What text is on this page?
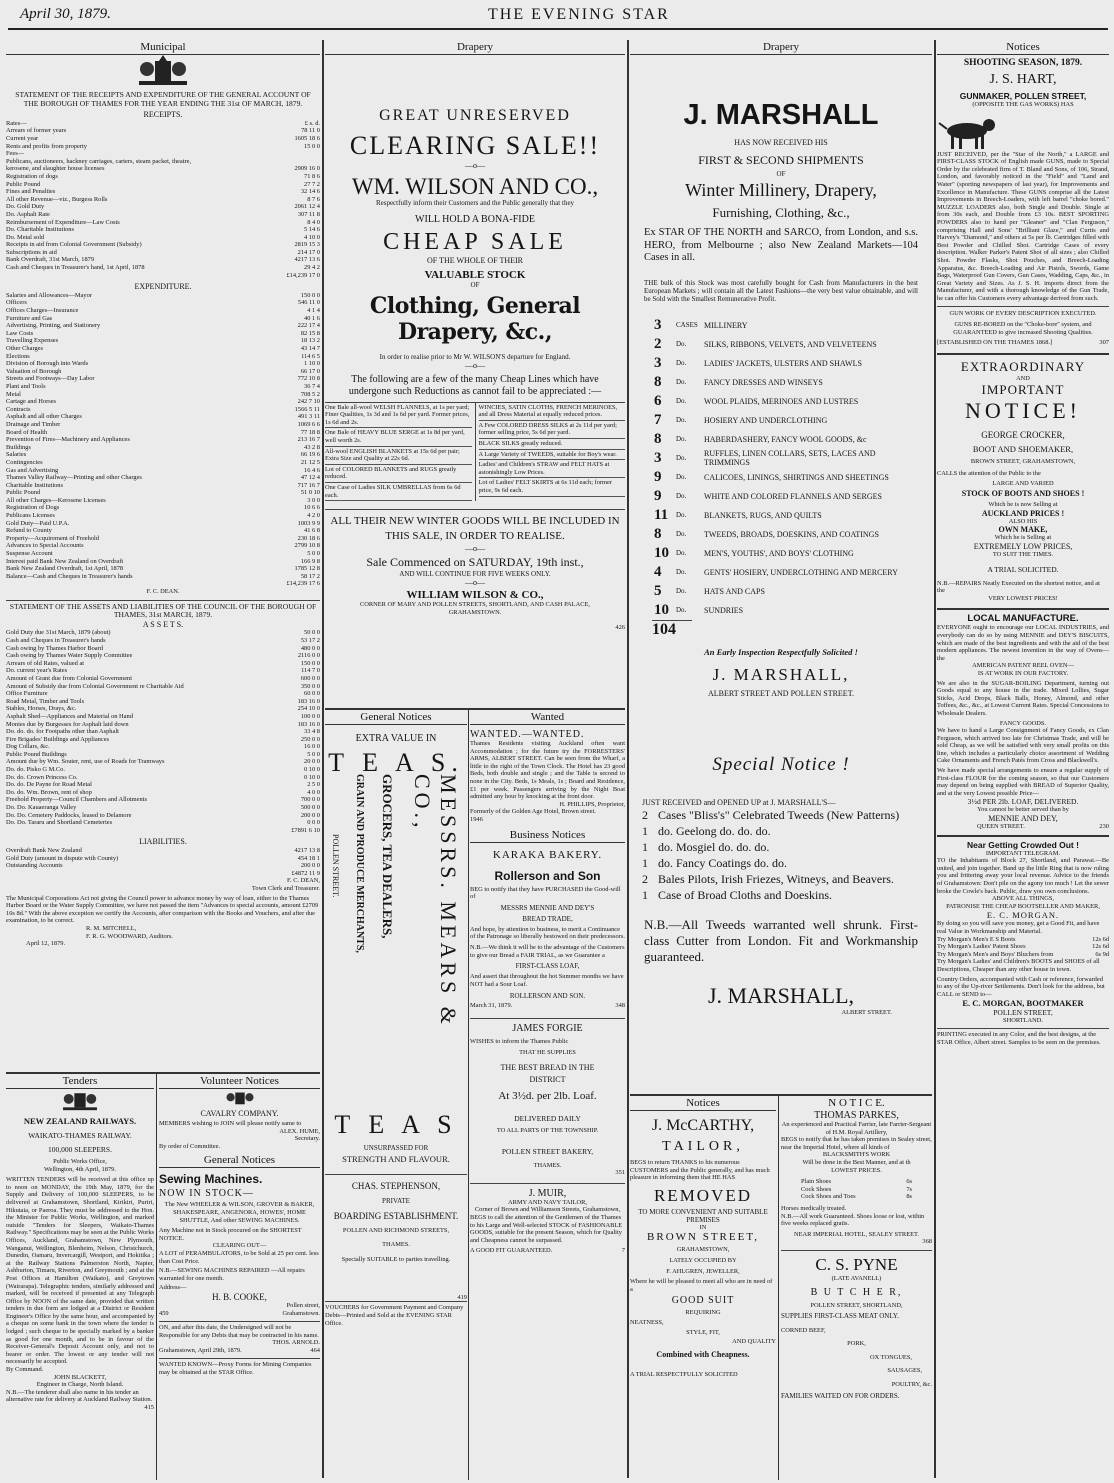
April 30, 1879.	THE EVENING STAR
Municipal
STATEMENT OF THE RECEIPTS AND EXPENDITURE OF THE GENERAL ACCOUNT OF THE BOROUGH OF THAMES FOR THE YEAR ENDING THE 31st OF MARCH, 1879.
RECEIPTS.
Rates—	£ s. d.
Arrears of former years	78 11 0
Current year	1605 18 6
Rents and profits from property	15 0 0
Fees—
Publicans, auctioneers, hackney carriages, carters, steam packet, theatre,
kerosene, and slaughter house licenses	2909 16 0
Registration of dogs	71 8 6
Public Pound	27 7 2
Fines and Penalties	32 14 6
All other Revenue—viz., Burgess Rolls	8 7 6
Do. Gold Duty	2061 12 4
Do. Asphalt Rate	307 11 8
Reimbursement of Expenditure—Law Costs	8 4 0
Do. Charitable Institutions	5 14 6
Do. Metal sold	4 10 0
Receipts in aid from Colonial Government (Subsidy)	2819 15 3
Subscriptions in aid	214 17 0
Bank Overdraft, 31st March, 1879	4217 13 6
Cash and Cheques in Treasurer's hand, 1st April, 1878	29 4 2
£14,239 17 0
EXPENDITURE.
Salaries and Allowances—Mayor	150 0 0
Officers	546 11 0
Offices Charges—Insurance	4 1 4
Furniture and Gas	40 1 6
Advertising, Printing, and Stationery	222 17 4
Law Costs	82 15 8
Travelling Expenses	18 13 2
Other Charges	43 14 7
Elections	114 6 5
Division of Borough into Wards	1 10 0
Valuation of Borough	66 17 0
Streets and Footways—Day Labor	772 10 8
Plant and Tools	36 7 4
Metal	708 5 2
Cartage and Horses	242 7 10
Contracts	1566 5 11
Asphalt and all other Charges	491 3 11
Drainage and Timber	1069 6 6
Board of Health	77 18 8
Prevention of Fires—Machinery and Appliances	213 16 7
Buildings	43 2 8
Salaries	66 19 6
Contingencies	21 12 5
Gas and Advertising	16 4 6
Thames Valley Railway—Printing and other Charges	47 12 4
Charitable Institutions	717 16 7
Public Pound	51 0 10
All other Charges—Kerosene Licenses	3 0 0
Registration of Dogs	10 6 6
Publicans Licenses	4 2 0
Gold Duty—Paid U.P.A.	1003 9 9
Refund to County	41 6 8
Property—Acquirement of Freehold	230 18 6
Advances to Special Accounts	2799 10 8
Suspense Account	5 0 0
Interest paid Bank New Zealand on Overdraft	166 9 8
Bank New Zealand Overdraft, 1st April, 1878	1785 12 8
Balance—Cash and Cheques in Treasurer's hands	58 17 2
£14,239 17 6
F. C. DEAN.
STATEMENT OF THE ASSETS AND LIABILITIES OF THE COUNCIL OF THE BOROUGH OF THAMES, 31st MARCH, 1879.
A S S E T S.
Gold Duty due 31st March, 1879 (about)	50 0 0
Cash and Cheques in Treasurer's hands	53 17 2
Cash owing by Thames Harbor Board	480 0 0
Cash owing by Thames Water Supply Committee	2116 0 0
Arrears of old Rates, valued at	150 0 0
Do. current year's Rates	114 7 0
Amount of Grant due from Colonial Government	600 0 0
Amount of Subsidy due from Colonial Government re Charitable Aid	350 0 0
Office Furniture	60 0 0
Road Metal, Timber and Tools	183 16 0
Stables, Horses, Drays, &c.	254 10 0
Asphalt Shed—Appliances and Material on Hand	100 0 0
Monies due by Burgesses for Asphalt laid down	183 16 0
Do. do. do. for Footpaths other than Asphalt	33 4 8
Fire Brigades' Buildings and Appliances	250 0 0
Dog Collars, &c.	16 0 0
Public Pound Buildings	5 0 0
Amount due by Wm. Souter, rent, use of Roads for Tramways	20 0 0
Do. do. Pisko G M.Co.	0 10 0
Do. do. Crown Princess Co.	0 10 0
Do. do. De Payne for Road Metal	2 5 0
Do. do. Wm. Brown, rent of shop	4 0 0
Freehold Property—Council Chambers and Allotments	700 0 0
Do. Do. Kauaeranga Valley	500 0 0
Do. Do. Cemetery Paddocks, leased to Delamore	200 0 0
Do. Do. Tararu and Shortland Cemeteries	0 0 0
£7891 6 10
LIABILITIES.
Overdraft Bank New Zealand	4217 13 8
Gold Duty (amount in dispute with County)	454 18 1
Outstanding Accounts	200 0 0
£4872 11 9
F. C. DEAN,
Town Clerk and Treasurer.
The Municipal Corporations Act not giving the Council power to advance money by way of loan, either to the Thames Harbor Board or the Water Supply Committee, we have not passed the item "Advances to special accounts, amount £2709 10s 8d." With the above exception we certify the Accounts, after comparison with the Books and Vouchers, and after due examination, to be correct.
R. M. MITCHELL,
F. R. G. WOODWARD, Auditors.
April 12, 1879.
Tenders
NEW ZEALAND RAILWAYS.
WAIKATO-THAMES RAILWAY.
100,000 SLEEPERS.
Public Works Office,
Wellington, 4th April, 1879.
WRITTEN TENDERS will be received at this office up to noon on MONDAY, the 19th May, 1879, for the Supply and Delivery of 100,000 SLEEPERS, to be delivered at Grahamstown, Shortland, Kirikiri, Puriri, Hikutaia, or Paeroa. They must be addressed to the Hon. the Minister for Public Works, Wellington, and marked outside "Tenders for Sleepers, Waikato-Thames Railway." Specifications may be seen at the Public Works Offices, Auckland, Grahamstown, New Plymouth, Wanganui, Wellington, Blenheim, Nelson, Christchurch, Dunedin, Oamaru, Invercargill, Westport, and Hokitika ; at the Railway Stations Palmerston North, Napier, Ashburton, Timaru, Riverton, and Greymouth ; and at the Post Offices at Hamilton (Waikato), and Greytown (Wairarapa). Telegraphic tenders, similarly addressed and marked, will be received if presented at any Telegraph Office by NOON of the same date, provided that written tenders in due form are lodged at a District or Resident Engineer's Office by the same hour, and accompanied by a cheque on some bank in the town where the tender is lodged ; such cheque to be specially marked by a banker as good for one month, and to be in favour of the Receiver-General's Deposit Account only, and not to bearer or order. The lowest or any tender will not necessarily be accepted.
By Command.
JOHN BLACKETT,
Engineer in Charge, North Island.
N.B.—The tenderer shall also name in his tender an alternative rate for delivery at Auckland Railway Station.
415
Volunteer Notices
CAVALRY COMPANY.
MEMBERS wishing to JOIN will please notify same to
ALEX. HUME,
Secretary.
By order of Committee.
General Notices
Sewing Machines.
NOW IN STOCK—
The New WHEELER & WILSON, GROVER & BAKER, SHAKESPEARE, ANGENORA, HOWES', HOME SHUTTLE, And other SEWING MACHINES.
Any Machine not in Stock procured on the SHORTEST NOTICE.
CLEARING OUT—
A LOT of PERAMBULATORS, to be Sold at 25 per cent. less than Cost Price.
N.B.—SEWING MACHINES REPAIRED —All repairs warranted for one month.
Address—
H. B. COOKE,
Pollen street,
459	Grahamstown.
ON, and after this date, the Undersigned will not be Responsible for any Debts that may be contracted in his name.
THOS. ARNOLD.
Grahamstown, April 29th, 1879.	464
WANTED KNOWN—Proxy Forms for Mining Companies may be obtained at the STAR Office.
Drapery
GREAT UNRESERVED
CLEARING SALE!!
—o—
WM. WILSON AND CO.,
Respectfully inform their Customers and the Public generally that they
WILL HOLD A BONA-FIDE
CHEAP SALE
OF THE WHOLE OF THEIR
VALUABLE STOCK
OF
Clothing, General Drapery, &c.,
In order to realise prior to Mr W. WILSON'S departure for England.
—o—
The following are a few of the many Cheap Lines which have undergone such Reductions as cannot fail to be appreciated :—
One Bale all-wool WELSH FLANNELS, at 1s per yard; Finer Qualities, 1s 3d and 1s 6d per yard. Former prices, 1s 6d and 2s.
One Bale of HEAVY BLUE SERGE at 1s 8d per yard, well worth 2s.
All-wool ENGLISH BLANKETS at 15s 6d per pair; Extra Size and Quality at 22s 6d.
Lot of COLORED BLANKETS and RUGS greatly reduced.
One Case of Ladies SILK UMBRELLAS from 6s 6d each.
WINCIES, SATIN CLOTHS, FRENCH MERINOES, and all Dress Material at equally reduced prices.
A Few COLORED DRESS SILKS at 2s 11d per yard; former selling price, 5s 6d per yard.
BLACK SILKS greatly reduced.
A Large Variety of TWEEDS, suitable for Boy's wear.
Ladies' and Children's STRAW and FELT HATS at astonishingly Low Prices.
Lot of Ladies' FELT SKIRTS at 6s 11d each; former price, 9s 6d each.
ALL THEIR NEW WINTER GOODS WILL BE INCLUDED IN THIS SALE, IN ORDER TO REALISE.
—o—
Sale Commenced on SATURDAY, 19th inst.,
AND WILL CONTINUE FOR FIVE WEEKS ONLY.
—o—
WILLIAM WILSON & CO.,
CORNER OF MARY AND POLLEN STREETS, SHORTLAND, AND CASH PALACE, GRAHAMSTOWN.
426
General Notices
EXTRA VALUE IN
T E A S.
MESSRS. MEARS & CO.,
GROCERS, TEA DEALERS,
GRAIN AND PRODUCE MERCHANTS,
POLLEN STREET.
T E A S
UNSURPASSED FOR
STRENGTH AND FLAVOUR.
CHAS. STEPHENSON,
PRIVATE
BOARDING ESTABLISHMENT.
POLLEN AND RICHMOND STREETS,
THAMES.
Specially SUITABLE to parties travelling.
419
VOUCHERS for Government Payment and Company Debts—Printed and Sold at the EVENING STAR Office.
Wanted
WANTED.—WANTED.
Thames Residents visiting Auckland often want Accommodation ; for the future try the FORRESTERS' ARMS, ALBERT STREET. Can be seen from the Wharf, a little to the right of the Town Clock. The Hotel has 23 good Beds, both double and single ; and the Table is second to none in the City. Beds, 1s Meals, 1s ; Board and Residence, £1 per week. Passengers arriving by the Night Boat admitted any hour by knocking at the front door.
H. PHILLIPS, Proprietor,
Formerly of the Golden Age Hotel, Brown street.
1946
Business Notices
KARAKA BAKERY.
Rollerson and Son
BEG to notify that they have PURCHASED the Good-will of
MESSRS MENNIE AND DEY'S
BREAD TRADE,
And hope, by attention to business, to merit a Continuance of the Patronage so liberally bestowed on their predecessors.
N.B.—We think it will be to the advantage of the Customers to give our Bread a FAIR TRIAL, as we Guarantee a
FIRST-CLASS LOAF,
And assert that throughout the hot Summer months we have NOT had a Sour Loaf.
ROLLERSON AND SON.
March 31, 1879.	348
JAMES FORGIE
WISHES to inform the Thames Public
THAT HE SUPPLIES
THE BEST BREAD IN THE
DISTRICT
At 3½d. per 2lb. Loaf.
DELIVERED DAILY
TO ALL PARTS OF THE TOWNSHIP.
POLLEN STREET BAKERY,
THAMES.
351
J. MUIR,
ARMY AND NAVY TAILOR,
Corner of Brown and Williamson Streets, Grahamstown,
BEGS to call the attention of the Gentlemen of the Thames to his Large and Well-selected STOCK of FASHIONABLE GOODS, suitable for the present Season, which for Quality and Cheapness cannot be surpassed.
A GOOD FIT GUARANTEED.	7
Drapery
J. MARSHALL
HAS NOW RECEIVED HIS
FIRST & SECOND SHIPMENTS
OF
Winter Millinery, Drapery,
Furnishing, Clothing, &c.,
Ex STAR OF THE NORTH and SARCO, from London, and s.s. HERO, from Melbourne ; also New Zealand Markets—104 Cases in all.
THE bulk of this Stock was most carefully bought for Cash from Manufacturers in the best European Markets ; will contain all the Latest Fashions—the very best value obtainable, and will be Sold with the Smallest Remunerative Profit.
3	CASES MILLINERY
2	Do.	SILKS, RIBBONS, VELVETS, AND VELVETEENS
3	Do.	LADIES' JACKETS, ULSTERS AND SHAWLS
8	Do.	FANCY DRESSES AND WINSEYS
6	Do.	WOOL PLAIDS, MERINOES AND LUSTRES
7	Do.	HOSIERY AND UNDERCLOTHING
8	Do.	HABERDASHERY, FANCY WOOL GOODS, &c
3	Do.	RUFFLES, LINEN COLLARS, SETS, LACES AND TRIMMINGS
9	Do.	CALICOES, LININGS, SHIRTINGS AND SHEETINGS
9	Do.	WHITE AND COLORED FLANNELS AND SERGES
11	Do.	BLANKETS, RUGS, AND QUILTS
8	Do.	TWEEDS, BROADS, DOESKINS, AND COATINGS
10	Do.	MEN'S, YOUTHS', AND BOYS' CLOTHING
4	Do.	GENTS' HOSIERY, UNDERCLOTHING AND MERCERY
5	Do.	HATS AND CAPS
10	Do.	SUNDRIES
104
An Early Inspection Respectfully Solicited !
J. MARSHALL,
ALBERT STREET AND POLLEN STREET.
Special Notice !
JUST RECEIVED and OPENED UP at J. MARSHALL'S—
2 Cases "Bliss's" Celebrated Tweeds (New Patterns)
1 do. Geelong do. do. do.
1 do. Mosgiel do. do. do.
1 do. Fancy Coatings do. do.
2 Bales Pilots, Irish Friezes, Witneys, and Beavers.
1 Case of Broad Cloths and Doeskins.
N.B.—All Tweeds warranted well shrunk. First-class Cutter from London. Fit and Workmanship guaranteed.
J. MARSHALL,
ALBERT STREET.
Notices
J. McCARTHY,
TAILOR,
BEGS to return THANKS to his numerous CUSTOMERS and the Public generally, and has much pleasure in informing them that HE HAS
REMOVED
TO MORE CONVENIENT AND SUITABLE PREMISES
IN
BROWN STREET,
GRAHAMSTOWN,
LATELY OCCUPIED BY
F. AHLGREN, JEWELLER,
Where he will be pleased to meet all who are in need of a
GOOD SUIT
REQUIRING
NEATNESS,
STYLE, FIT,
AND QUALITY
Combined with Cheapness.
A TRIAL RESPECTFULLY SOLICITED
N O T I C E.
THOMAS PARKES,
An experienced and Practical Farrier, late Farrier-Sergeant of H.M. Royal Artillery,
BEGS to notify that he has taken premises in Sealey street, near the Imperial Hotel, where all kinds of
BLACKSMITH'S WORK
Will be done in the Best Manner, and at th
LOWEST PRICES.
Plain Shoes	6s
Cock Shoes	7s
Cock Shoes and Toes	8s
Horses medically treated.
N.B.—All work Guaranteed. Shoes loose or lost, within five weeks replaced gratis.
NEAR IMPERIAL HOTEL, SEALEY STREET.
368
C. S. PYNE
(LATE AVANELL)
B U T C H E R,
POLLEN STREET, SHORTLAND,
SUPPLIES FIRST-CLASS MEAT ONLY.
CORNED BEEF,
PORK,
OX TONGUES,
SAUSAGES,
POULTRY, &c.
FAMILIES WAITED ON FOR ORDERS.
Notices
SHOOTING SEASON, 1879.
J. S. HART,
GUNMAKER, POLLEN STREET,
(OPPOSITE THE GAS WORKS) HAS
JUST RECEIVED, per the "Star of the North," a LARGE and FIRST-CLASS STOCK of English made GUNS, made to Special Order by the celebrated firm of T. Bland and Sons, of 106, Strand, London, and favorably noticed in the "Field" and "Land and Water" (sporting newspapers of last year), for Improvements and Excellence in Manufacture. These GUNS comprise all the Latest Improvements in Breech-Loaders, with left barrel "choke bored." MUZZLE LOADERS also, both Single and Double. Single at from 30s each, and Double from £3 10s. BEST SPORTING POWDERS also to hand per "Gleaner" and "Clan Ferguson," comprising Hall and Sons' "Brilliant Glaze," and Curtis and Harvey's "Diamond," and others at 5s per lb. Cartridges filled with Best Powder and Chilled Shot. Cartridge Cases of every description. Walker Parker's Patent Shot of all sizes ; also Chilled Shot. Powder Flasks, Shot Pouches, and Breech-Loading Apparatus, &c. Breech-Loading and Air Pistols, Swords, Game Bags, Waterproof Gun Covers, Gun Cases, Wadding, Caps, &c., in Great Variety and Sizes. As J. S. H. imports direct from the Manufacturer, and with a thorough knowledge of the Gun Trade, he can offer his Customers every advantage derived from such.
GUN WORK OF EVERY DESCRIPTION EXECUTED.
GUNS RE-BORED on the "Choke-bore" system, and GUARANTEED to give increased Shooting Qualities.
[ESTABLISHED ON THE THAMES 1868.]	307
EXTRAORDINARY
AND
IMPORTANT
NOTICE!
GEORGE CROCKER,
BOOT AND SHOEMAKER,
BROWN STREET, GRAHAMSTOWN,
CALLS the attention of the Public to the
LARGE AND VARIED
STOCK OF BOOTS AND SHOES !
Which he is now Selling at
AUCKLAND PRICES !
ALSO HIS
OWN MAKE,
Which he is Selling at
EXTREMELY LOW PRICES,
TO SUIT THE TIMES.
A TRIAL SOLICITED.
N.B.—REPAIRS Neatly Executed on the shortest notice, and at the
VERY LOWEST PRICES!
LOCAL MANUFACTURE.
EVERYONE ought to encourage our LOCAL INDUSTRIES, and everybody can do so by using MENNIE and DEY'S BISCUITS, which are made of the best ingredients and with the aid of the best modern appliances. The newest invention in the way of Ovens—the
AMERICAN PATENT REEL OVEN—
IS AT WORK IN OUR FACTORY.
We are also in the SUGAR-BOILING Department, turning out Goods equal to any house in the trade. Mixed Lollies, Sugar Sticks, Acid Drops, Black Balls, Honey, Almond, and other Toffees, &c., &c., at Lowest Current Rates. Special Concessions to Wholesale Dealers.
FANCY GOODS.
We have to hand a Large Consignment of Fancy Goods, ex Clan Ferguson, which arrived too late for Christmas Trade, and will be sold Cheap, as we will be satisfied with very small profits on this line, which includes a particularly choice assortment of Wedding Cake Ornaments and French Patés from Cross and Blackwell's.
We have made special arrangements to ensure a regular supply of First-class FLOUR for the coming season, so that our Customers may depend on being supplied with BREAD of Superior Quality, and at the very Lowest possible Price—
3½d PER 2lb. LOAF, DELIVERED.
You cannot be better served than by
MENNIE AND DEY,
QUEEN STREET.	230
Near Getting Crowded Out !
IMPORTANT TELEGRAM.
TO the Inhabitants of Block 27, Shortland, and Parawai.—Be united, and join together. Band up the little Ring that is now ruling you and frittering away your local revenue. Advice to the friends of Grahamstown: Don't pile on the agony too much ! Let the sewer broke the Cowle's back. Public, draw you own conclusions.
ABOVE ALL THINGS,
PATRONISE THE CHEAP BOOTSELLER AND MAKER,
E. C. MORGAN.
By doing so you will save you money, get a Good Fit, and have real Value in Workmanship and Material.
Try Morgan's Men's E S Boots	12s 6d
Try Morgan's Ladies' Patent Shoes	12s 6d
Try Morgan's Men's and Boys' Bluchers from	6s 9d
Try Morgan's Ladies' and Children's BOOTS and SHOES of all Descriptions, Cheaper than any other house in town.
Country Orders, accompanied with Cash or reference, forwarded to any of the Up-river Settlements. Don't look for the address, but CALL or SEND to—
E. C. MORGAN, BOOTMAKER
POLLEN STREET,
SHORTLAND.
PRINTING executed in any Color, and the best designs, at the STAR Office, Albert street. Samples to be seen on the premises.
